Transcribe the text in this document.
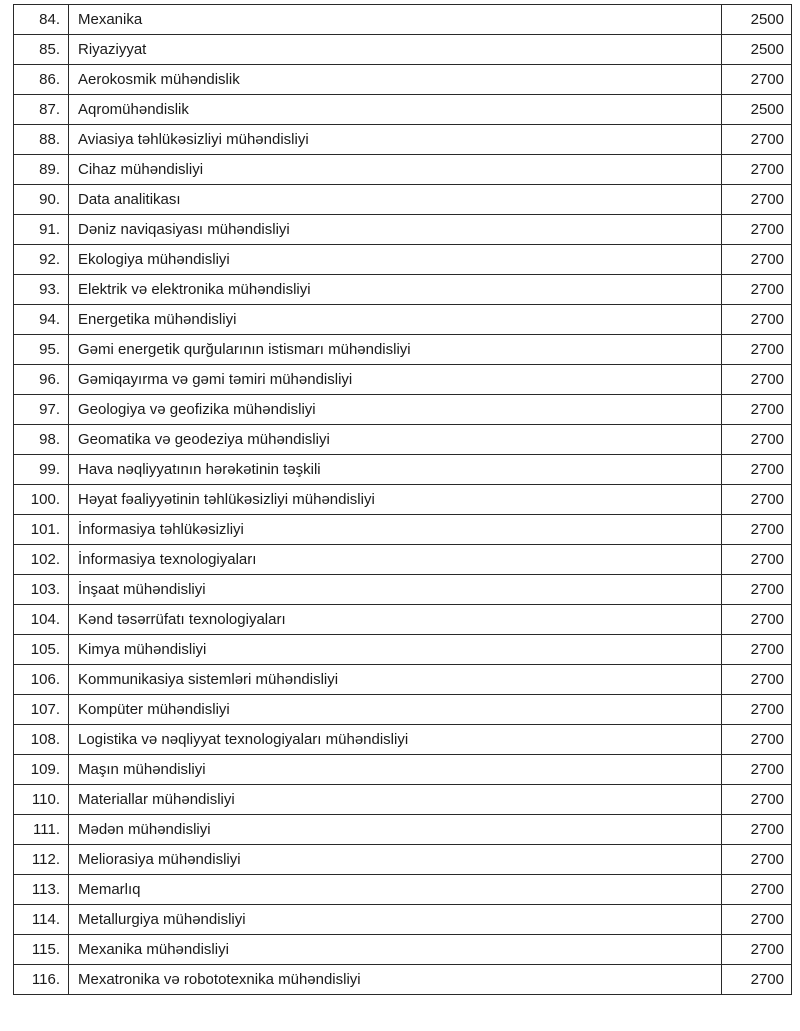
84.	Mexanika	2500
85.	Riyaziyyat	2500
86.	Aerokosmik mühəndislik	2700
87.	Aqromühəndislik	2500
88.	Aviasiya təhlükəsizliyi mühəndisliyi	2700
89.	Cihaz mühəndisliyi	2700
90.	Data analitikası	2700
91.	Dəniz naviqasiyası mühəndisliyi	2700
92.	Ekologiya mühəndisliyi	2700
93.	Elektrik və elektronika mühəndisliyi	2700
94.	Energetika mühəndisliyi	2700
95.	Gəmi energetik qurğularının istismarı mühəndisliyi	2700
96.	Gəmiqayırma və gəmi təmiri mühəndisliyi	2700
97.	Geologiya və geofizika mühəndisliyi	2700
98.	Geomatika və geodeziya mühəndisliyi	2700
99.	Hava nəqliyyatının hərəkətinin təşkili	2700
100.	Həyat fəaliyyətinin təhlükəsizliyi mühəndisliyi	2700
101.	İnformasiya təhlükəsizliyi	2700
102.	İnformasiya texnologiyaları	2700
103.	İnşaat mühəndisliyi	2700
104.	Kənd təsərrüfatı texnologiyaları	2700
105.	Kimya mühəndisliyi	2700
106.	Kommunikasiya sistemləri mühəndisliyi	2700
107.	Kompüter mühəndisliyi	2700
108.	Logistika və nəqliyyat texnologiyaları mühəndisliyi	2700
109.	Maşın mühəndisliyi	2700
110.	Materiallar mühəndisliyi	2700
111.	Mədən mühəndisliyi	2700
112.	Meliorasiya mühəndisliyi	2700
113.	Memarlıq	2700
114.	Metallurgiya mühəndisliyi	2700
115.	Mexanika mühəndisliyi	2700
116.	Mexatronika və robototexnika mühəndisliyi	2700
